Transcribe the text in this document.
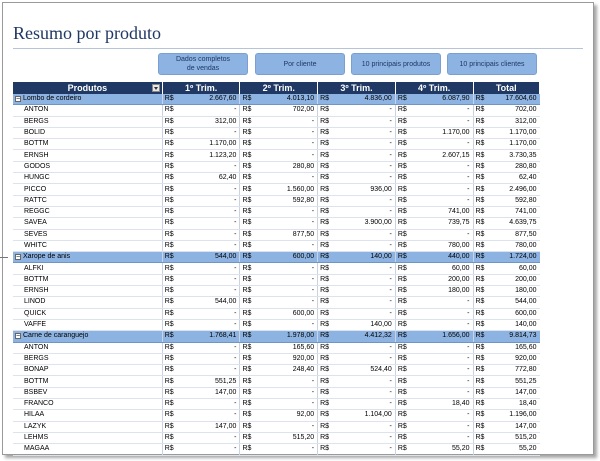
Resumo por produto
Dados completos
de vendas
Por cliente	10 principais produtos	10 principais clientes
Produtos	1º Trim.		2º Trim.		3º Trim.		4º Trim.		Total	
− Lombo de cordeiro	R$	2.667,60	R$	4.013,10	R$	4.836,00	R$	6.087,90	R$	17.604,60
ANTON	R$	-	R$	702,00	R$	-	R$	-	R$	702,00
BERGS	R$	312,00	R$	-	R$	-	R$	-	R$	312,00
BOLID	R$	-	R$	-	R$	-	R$	1.170,00	R$	1.170,00
BOTTM	R$	1.170,00	R$	-	R$	-	R$	-	R$	1.170,00
ERNSH	R$	1.123,20	R$	-	R$	-	R$	2.607,15	R$	3.730,35
GODOS	R$	-	R$	280,80	R$	-	R$	-	R$	280,80
HUNGC	R$	62,40	R$	-	R$	-	R$	-	R$	62,40
PICCO	R$	-	R$	1.560,00	R$	936,00	R$	-	R$	2.496,00
RATTC	R$	-	R$	592,80	R$	-	R$	-	R$	592,80
REGGC	R$	-	R$	-	R$	-	R$	741,00	R$	741,00
SAVEA	R$	-	R$	-	R$	3.900,00	R$	739,75	R$	4.639,75
SEVES	R$	-	R$	877,50	R$	-	R$	-	R$	877,50
WHITC	R$	-	R$	-	R$	-	R$	780,00	R$	780,00
− Xarope de anis	R$	544,00	R$	600,00	R$	140,00	R$	440,00	R$	1.724,00
ALFKI	R$	-	R$	-	R$	-	R$	60,00	R$	60,00
BOTTM	R$	-	R$	-	R$	-	R$	200,00	R$	200,00
ERNSH	R$	-	R$	-	R$	-	R$	180,00	R$	180,00
LINOD	R$	544,00	R$	-	R$	-	R$	-	R$	544,00
QUICK	R$	-	R$	600,00	R$	-	R$	-	R$	600,00
VAFFE	R$	-	R$	-	R$	140,00	R$	-	R$	140,00
− Carne de caranguejo	R$	1.768,41	R$	1.978,00	R$	4.412,32	R$	1.656,00	R$	9.814,73
ANTON	R$	-	R$	165,60	R$	-	R$	-	R$	165,60
BERGS	R$	-	R$	920,00	R$	-	R$	-	R$	920,00
BONAP	R$	-	R$	248,40	R$	524,40	R$	-	R$	772,80
BOTTM	R$	551,25	R$	-	R$	-	R$	-	R$	551,25
BSBEV	R$	147,00	R$	-	R$	-	R$	-	R$	147,00
FRANCO	R$	-	R$	-	R$	-	R$	18,40	R$	18,40
HILAA	R$	-	R$	92,00	R$	1.104,00	R$	-	R$	1.196,00
LAZYK	R$	147,00	R$	-	R$	-	R$	-	R$	147,00
LEHMS	R$	-	R$	515,20	R$	-	R$	-	R$	515,20
MAGAA	R$	-	R$	-	R$	-	R$	55,20	R$	55,20
